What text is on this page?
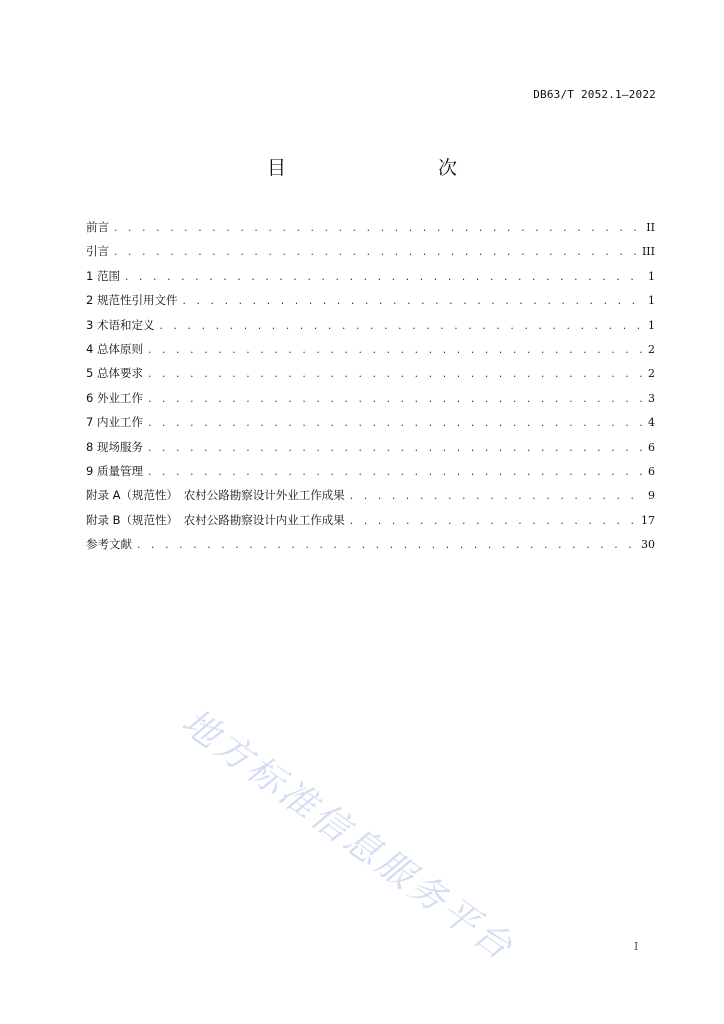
DB63/T 2052.1—2022
目　　次
前言 . . .	II
引言 . . .	III
1 范围 . . .	1
2 规范性引用文件 . . .	1
3 术语和定义 . . .	1
4 总体原则 . . .	2
5 总体要求 . . .	2
6 外业工作 . . .	3
7 内业工作 . . .	4
8 现场服务 . . .	6
9 质量管理 . . .	6
附录 A（规范性）　农村公路勘察设计外业工作成果 . . .	9
附录 B（规范性）　农村公路勘察设计内业工作成果 . . .	17
参考文献 . . .	30
地方标准信息服务平台	I
